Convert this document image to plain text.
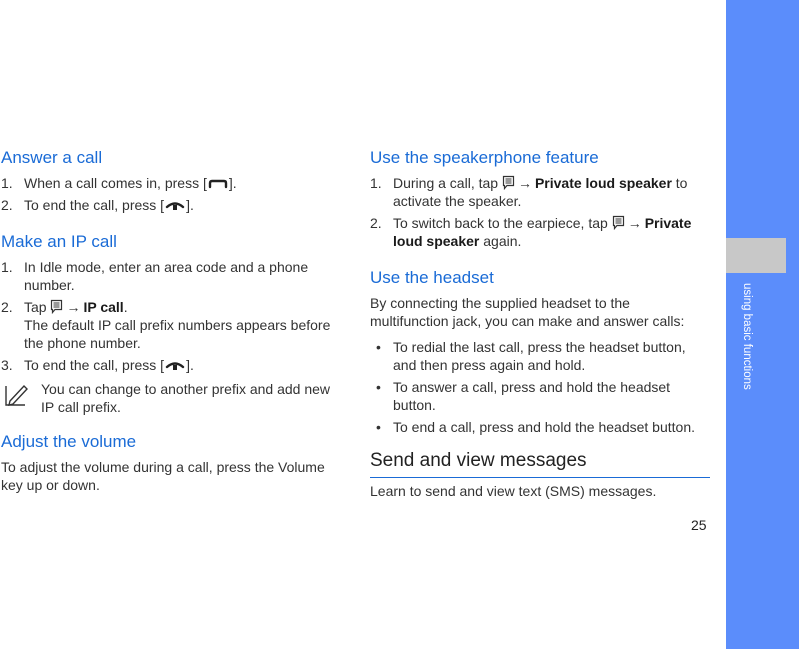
using basic functions
Answer a call
1. When a call comes in, press [ ].
2. To end the call, press [ ].
Make an IP call
1. In Idle mode, enter an area code and a phone number.
2. Tap → IP call.
The default IP call prefix numbers appears before the phone number.
3. To end the call, press [ ].

You can change to another prefix and add new IP call prefix.

Adjust the volume

To adjust the volume during a call, press the Volume key up or down.

Use the speakerphone feature
1. During a call, tap → Private loud speaker to activate the speaker.
2. To switch back to the earpiece, tap → Private loud speaker again.
Use the headset

By connecting the supplied headset to the multifunction jack, you can make and answer calls:

• To redial the last call, press the headset button, and then press again and hold.
• To answer a call, press and hold the headset button.
• To end a call, press and hold the headset button.
Send and view messages

Learn to send and view text (SMS) messages.

25
